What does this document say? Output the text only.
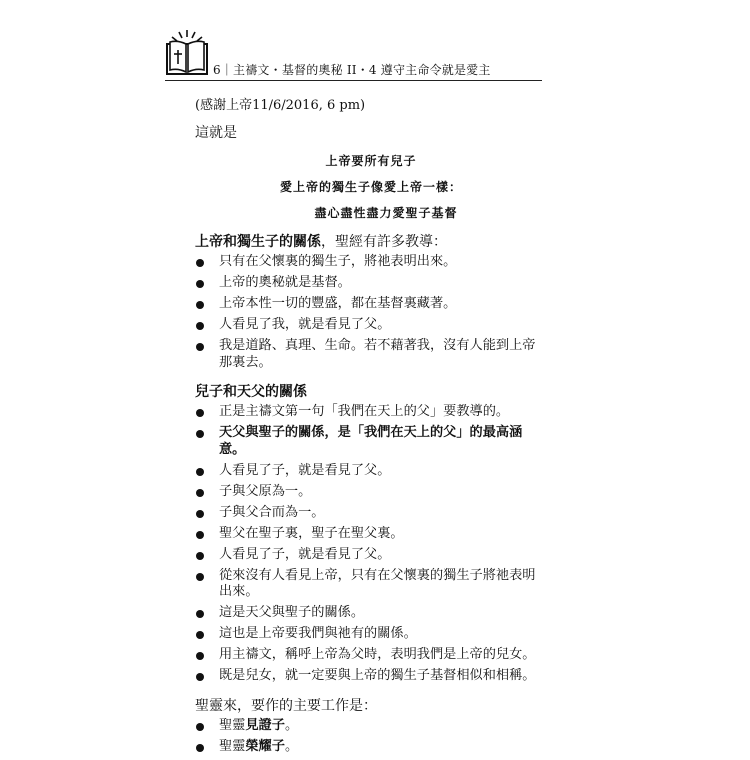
6｜主禱文・基督的奧秘 II・4 遵守主命令就是愛主
(感謝上帝11/6/2016, 6 pm)
這就是
上帝要所有兒子
愛上帝的獨生子像愛上帝一樣：
盡心盡性盡力愛聖子基督
上帝和獨生子的關係，聖經有許多教導：
只有在父懷裏的獨生子，將祂表明出來。
上帝的奧秘就是基督。
上帝本性一切的豐盛，都在基督裏藏著。
人看見了我，就是看見了父。
我是道路、真理、生命。若不藉著我，沒有人能到上帝那裏去。
兒子和天父的關係
正是主禱文第一句「我們在天上的父」要教導的。
天父與聖子的關係，是「我們在天上的父」的最高涵意。
人看見了子，就是看見了父。
子與父原為一。
子與父合而為一。
聖父在聖子裏，聖子在聖父裏。
人看見了子，就是看見了父。
從來沒有人看見上帝，只有在父懷裏的獨生子將祂表明出來。
這是天父與聖子的關係。
這也是上帝要我們與祂有的關係。
用主禱文，稱呼上帝為父時，表明我們是上帝的兒女。
既是兒女，就一定要與上帝的獨生子基督相似和相稱。
聖靈來，要作的主要工作是：
聖靈見證子。
聖靈榮耀子。
